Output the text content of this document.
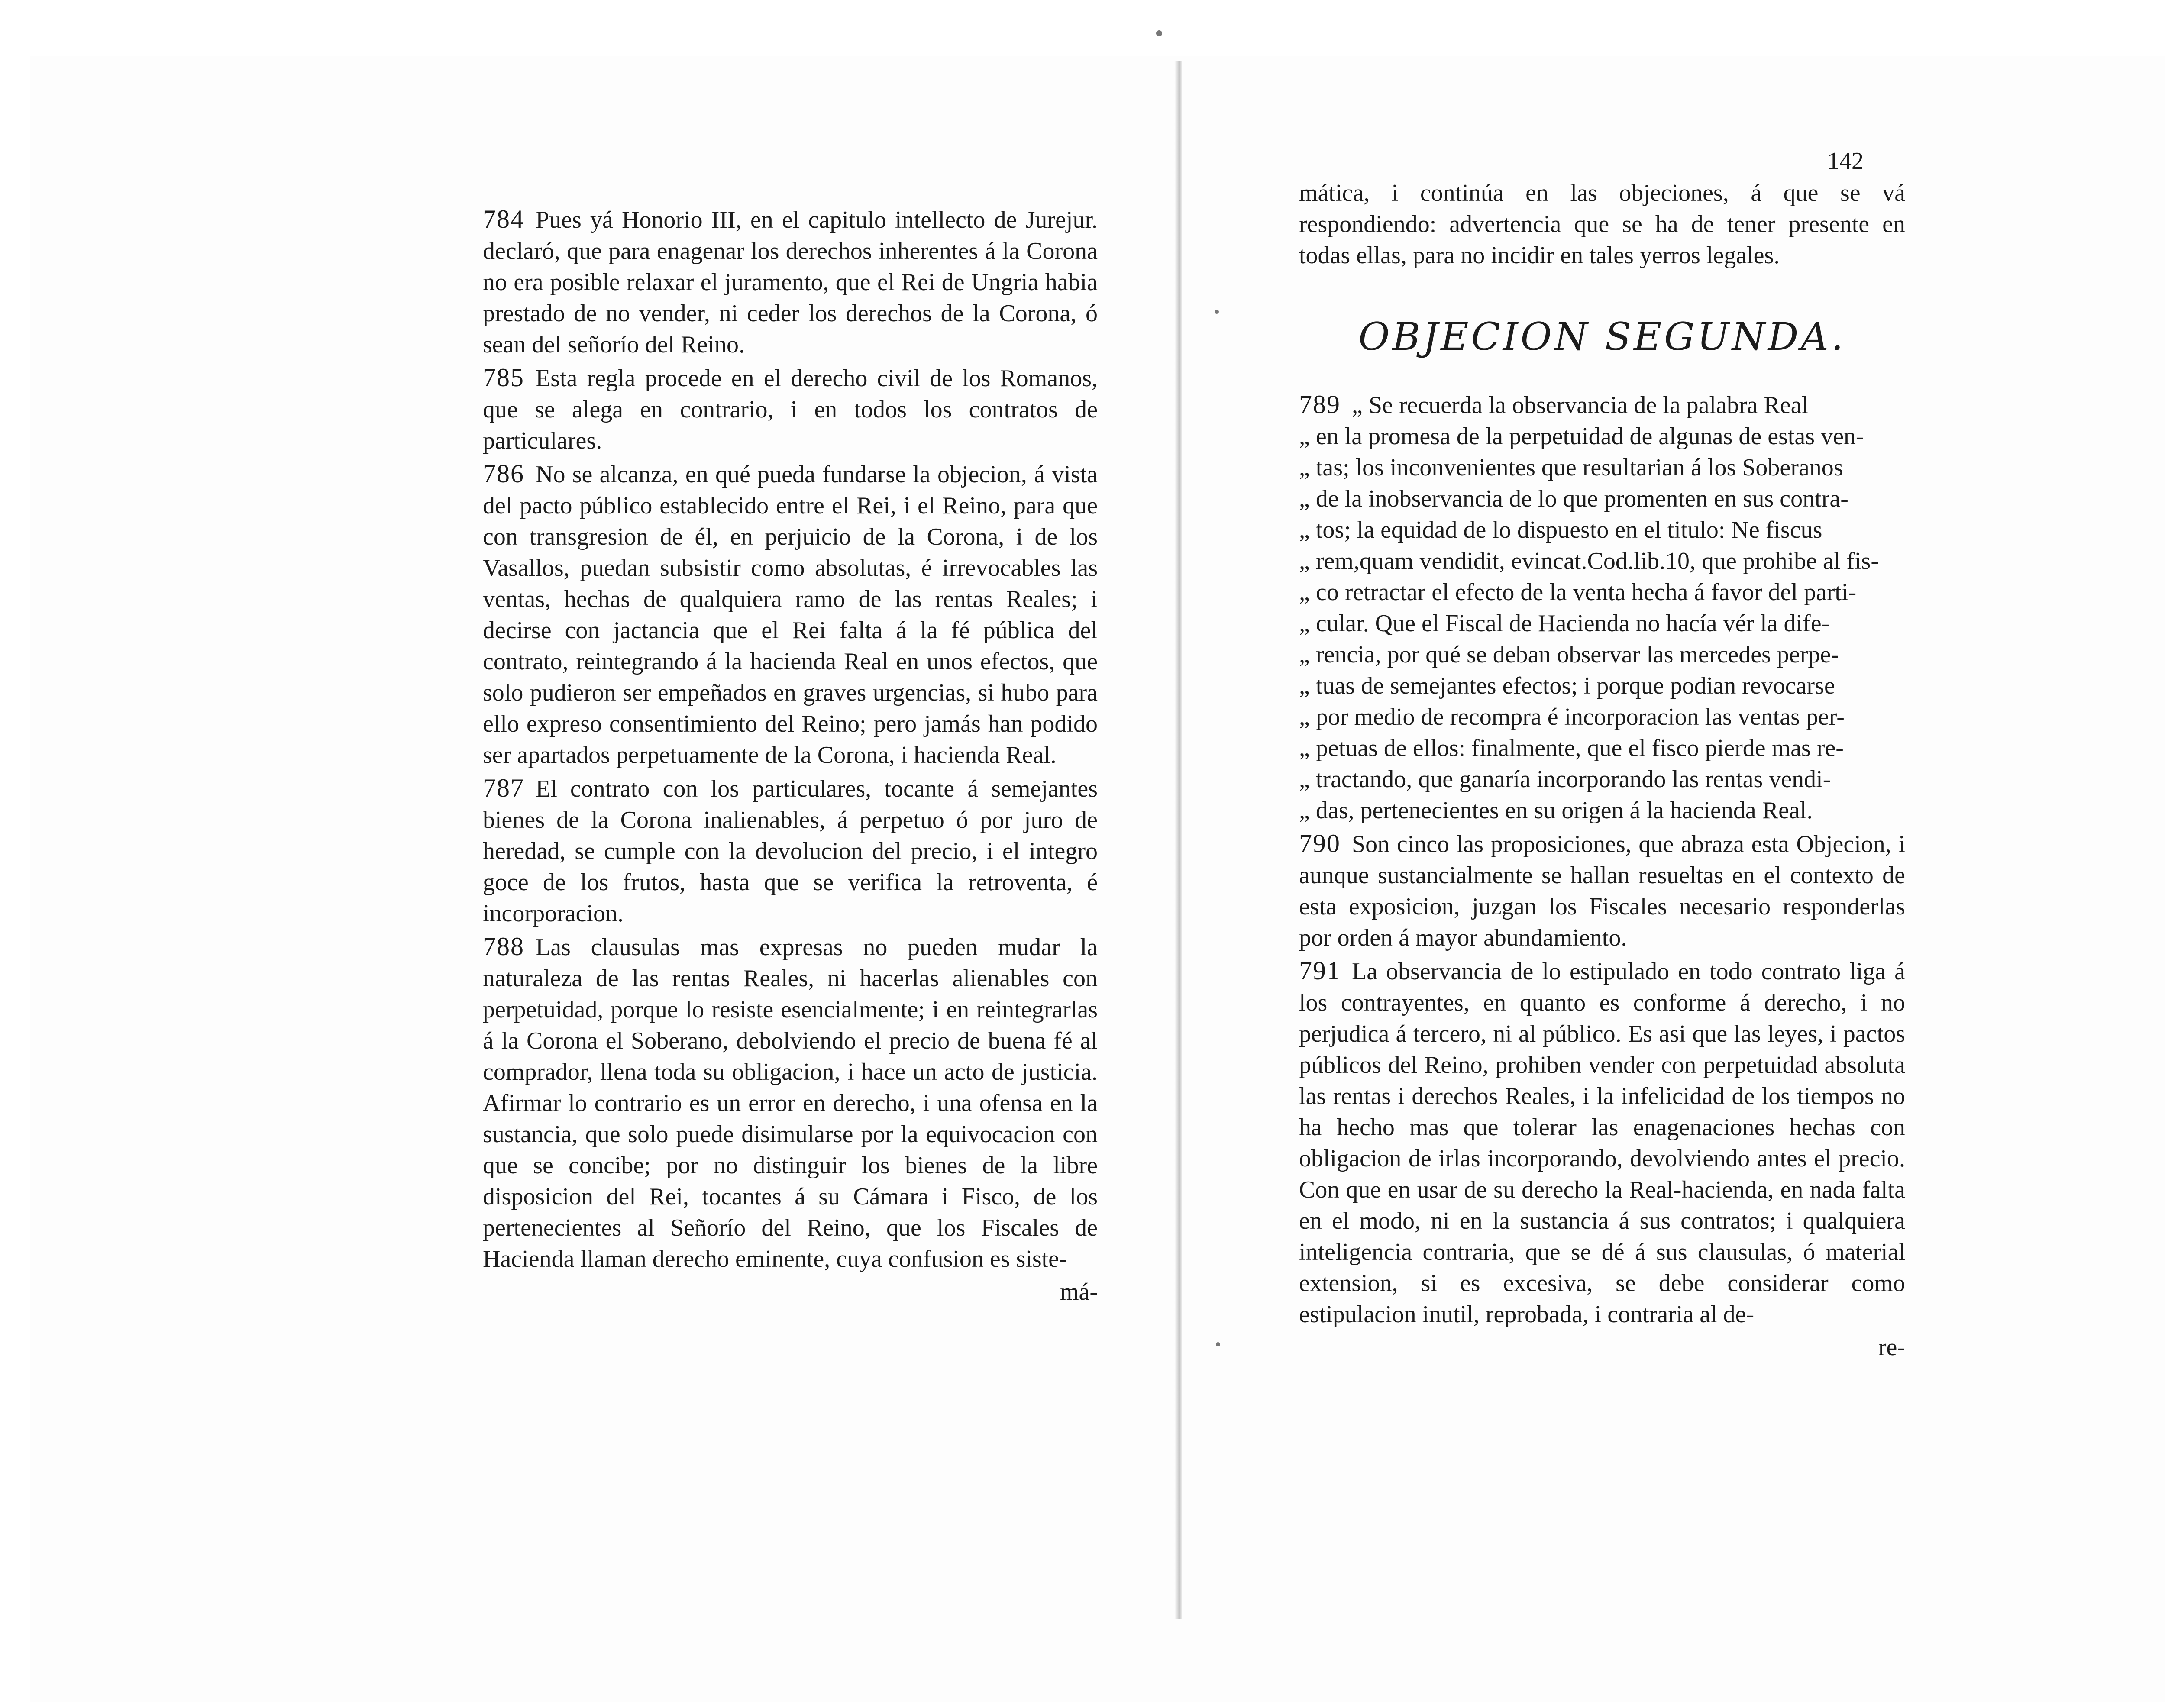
784 Pues yá Honorio III, en el capitulo intellecto de Jurejur. declaró, que para enagenar los derechos inherentes á la Corona no era posible relaxar el juramento, que el Rei de Ungria habia prestado de no vender, ni ceder los derechos de la Corona, ó sean del señorío del Reino.

785 Esta regla procede en el derecho civil de los Romanos, que se alega en contrario, i en todos los contratos de particulares.

786 No se alcanza, en qué pueda fundarse la objecion, á vista del pacto público establecido entre el Rei, i el Reino, para que con transgresion de él, en perjuicio de la Corona, i de los Vasallos, puedan subsistir como absolutas, é irrevocables las ventas, hechas de qualquiera ramo de las rentas Reales; i decirse con jactancia que el Rei falta á la fé pública del contrato, reintegrando á la hacienda Real en unos efectos, que solo pudieron ser empeñados en graves urgencias, si hubo para ello expreso consentimiento del Reino; pero jamás han podido ser apartados perpetuamente de la Corona, i hacienda Real.

787 El contrato con los particulares, tocante á semejantes bienes de la Corona inalienables, á perpetuo ó por juro de heredad, se cumple con la devolucion del precio, i el integro goce de los frutos, hasta que se verifica la retroventa, é incorporacion.

788 Las clausulas mas expresas no pueden mudar la naturaleza de las rentas Reales, ni hacerlas alienables con perpetuidad, porque lo resiste esencialmente; i en reintegrarlas á la Corona el Soberano, debolviendo el precio de buena fé al comprador, llena toda su obligacion, i hace un acto de justicia. Afirmar lo contrario es un error en derecho, i una ofensa en la sustancia, que solo puede disimularse por la equivocacion con que se concibe; por no distinguir los bienes de la libre disposicion del Rei, tocantes á su Cámara i Fisco, de los pertenecientes al Señorío del Reino, que los Fiscales de Hacienda llaman derecho eminente, cuya confusion es siste-

má-
142

mática, i continúa en las objeciones, á que se vá respondiendo: advertencia que se ha de tener presente en todas ellas, para no incidir en tales yerros legales.

OBJECION SEGUNDA.

789 „ Se recuerda la observancia de la palabra Real
„ en la promesa de la perpetuidad de algunas de estas ven-
„ tas; los inconvenientes que resultarian á los Soberanos
„ de la inobservancia de lo que promenten en sus contra-
„ tos; la equidad de lo dispuesto en el titulo: Ne fiscus
„ rem,quam vendidit, evincat.Cod.lib.10, que prohibe al fis-
„ co retractar el efecto de la venta hecha á favor del parti-
„ cular. Que el Fiscal de Hacienda no hacía vér la dife-
„ rencia, por qué se deban observar las mercedes perpe-
„ tuas de semejantes efectos; i porque podian revocarse
„ por medio de recompra é incorporacion las ventas per-
„ petuas de ellos: finalmente, que el fisco pierde mas re-
„ tractando, que ganaría incorporando las rentas vendi-
„ das, pertenecientes en su origen á la hacienda Real.

790 Son cinco las proposiciones, que abraza esta Objecion, i aunque sustancialmente se hallan resueltas en el contexto de esta exposicion, juzgan los Fiscales necesario responderlas por orden á mayor abundamiento.

791 La observancia de lo estipulado en todo contrato liga á los contrayentes, en quanto es conforme á derecho, i no perjudica á tercero, ni al público. Es asi que las leyes, i pactos públicos del Reino, prohiben vender con perpetuidad absoluta las rentas i derechos Reales, i la infelicidad de los tiempos no ha hecho mas que tolerar las enagenaciones hechas con obligacion de irlas incorporando, devolviendo antes el precio. Con que en usar de su derecho la Real-hacienda, en nada falta en el modo, ni en la sustancia á sus contratos; i qualquiera inteligencia contraria, que se dé á sus clausulas, ó material extension, si es excesiva, se debe considerar como estipulacion inutil, reprobada, i contraria al de-

re-
